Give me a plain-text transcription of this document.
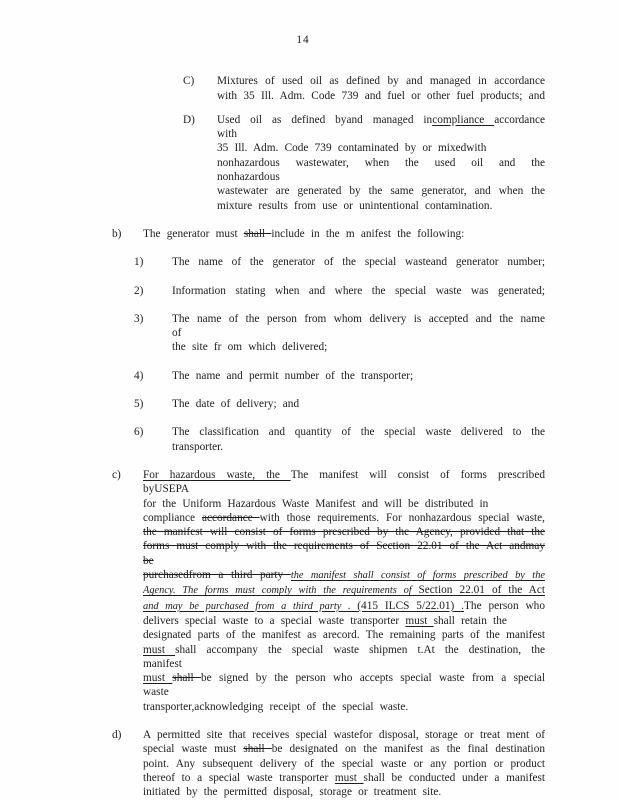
14
C)	Mixtures of used oil as defined by and managed in accordance
with 35 Ill. Adm. Code 739 and fuel or other fuel products; and
D)	Used oil as defined byand managed incompliance accordance with
35 Ill. Adm. Code 739 contaminated by or mixedwith
nonhazardous wastewater, when the used oil and the nonhazardous
wastewater are generated by the same generator, and when the
mixture results from use or unintentional contamination.
b)	The generator must shall include in the m anifest the following:
1)	The name of the generator of the special wasteand generator number;
2)	Information stating when and where the special waste was generated;
3)	The name of the person from whom delivery is accepted and the name of
the site fr om which delivered;
4)	The name and permit number of the transporter;
5)	The date of delivery; and
6)	The classification and quantity of the special waste delivered to the
transporter.
c)	For hazardous waste, the The manifest will consist of forms prescribed byUSEPA
for the Uniform Hazardous Waste Manifest and will be distributed in
compliance accordance with those requirements. For nonhazardous special waste,
the manifest will consist of forms prescribed by the Agency, provided that the
forms must comply with the requirements of Section 22.01 of the Act andmay be
purchasedfrom a third party the manifest shall consist of forms prescribed by the
Agency. The forms must comply with the requirements of Section 22.01 of the Act
and may be purchased from a third party . (415 ILCS 5/22.01) .The person who
delivers special waste to a special waste transporter must shall retain the
designated parts of the manifest as arecord. The remaining parts of the manifest
must shall accompany the special waste shipmen t.At the destination, the manifest
must shall be signed by the person who accepts special waste from a special waste
transporter,acknowledging receipt of the special waste.
d)	A permitted site that receives special wastefor disposal, storage or treat ment of
special waste must shall be designated on the manifest as the final destination
point. Any subsequent delivery of the special waste or any portion or product
thereof to a special waste transporter must shall be conducted under a manifest
initiated by the permitted disposal, storage or treatment site.
